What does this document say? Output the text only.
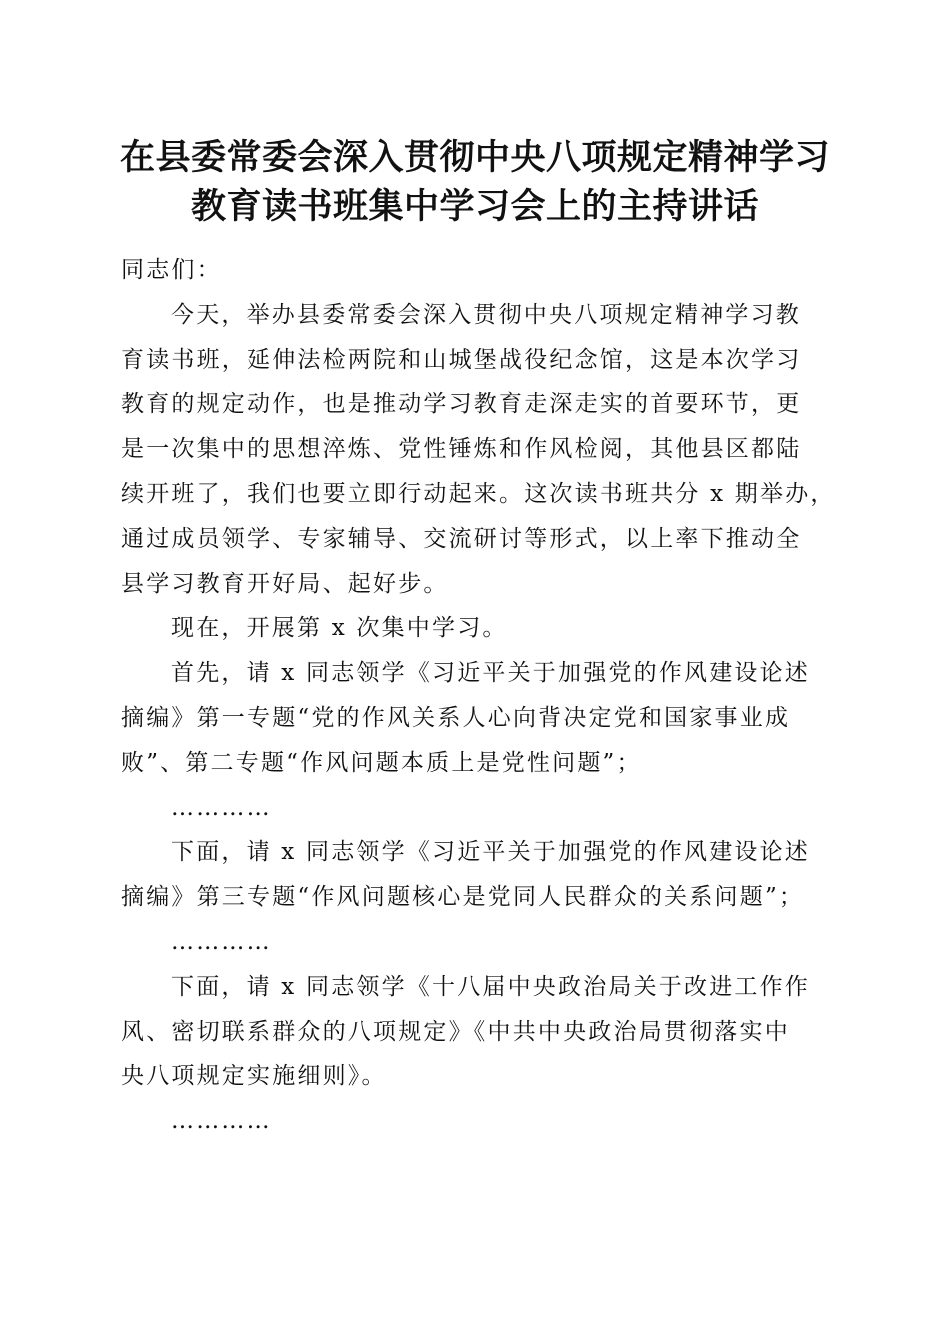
在县委常委会深入贯彻中央八项规定精神学习
教育读书班集中学习会上的主持讲话
同志们：
今天，举办县委常委会深入贯彻中央八项规定精神学习教
育读书班，延伸法检两院和山城堡战役纪念馆，这是本次学习
教育的规定动作，也是推动学习教育走深走实的首要环节，更
是一次集中的思想淬炼、党性锤炼和作风检阅，其他县区都陆
续开班了，我们也要立即行动起来。这次读书班共分 x 期举办，
通过成员领学、专家辅导、交流研讨等形式，以上率下推动全
县学习教育开好局、起好步。
现在，开展第 x 次集中学习。
首先，请 x 同志领学《习近平关于加强党的作风建设论述
摘编》第一专题“党的作风关系人心向背决定党和国家事业成
败”、第二专题“作风问题本质上是党性问题”；
…………
下面，请 x 同志领学《习近平关于加强党的作风建设论述
摘编》第三专题“作风问题核心是党同人民群众的关系问题”；
…………
下面，请 x 同志领学《十八届中央政治局关于改进工作作
风、密切联系群众的八项规定》《中共中央政治局贯彻落实中
央八项规定实施细则》。
…………
